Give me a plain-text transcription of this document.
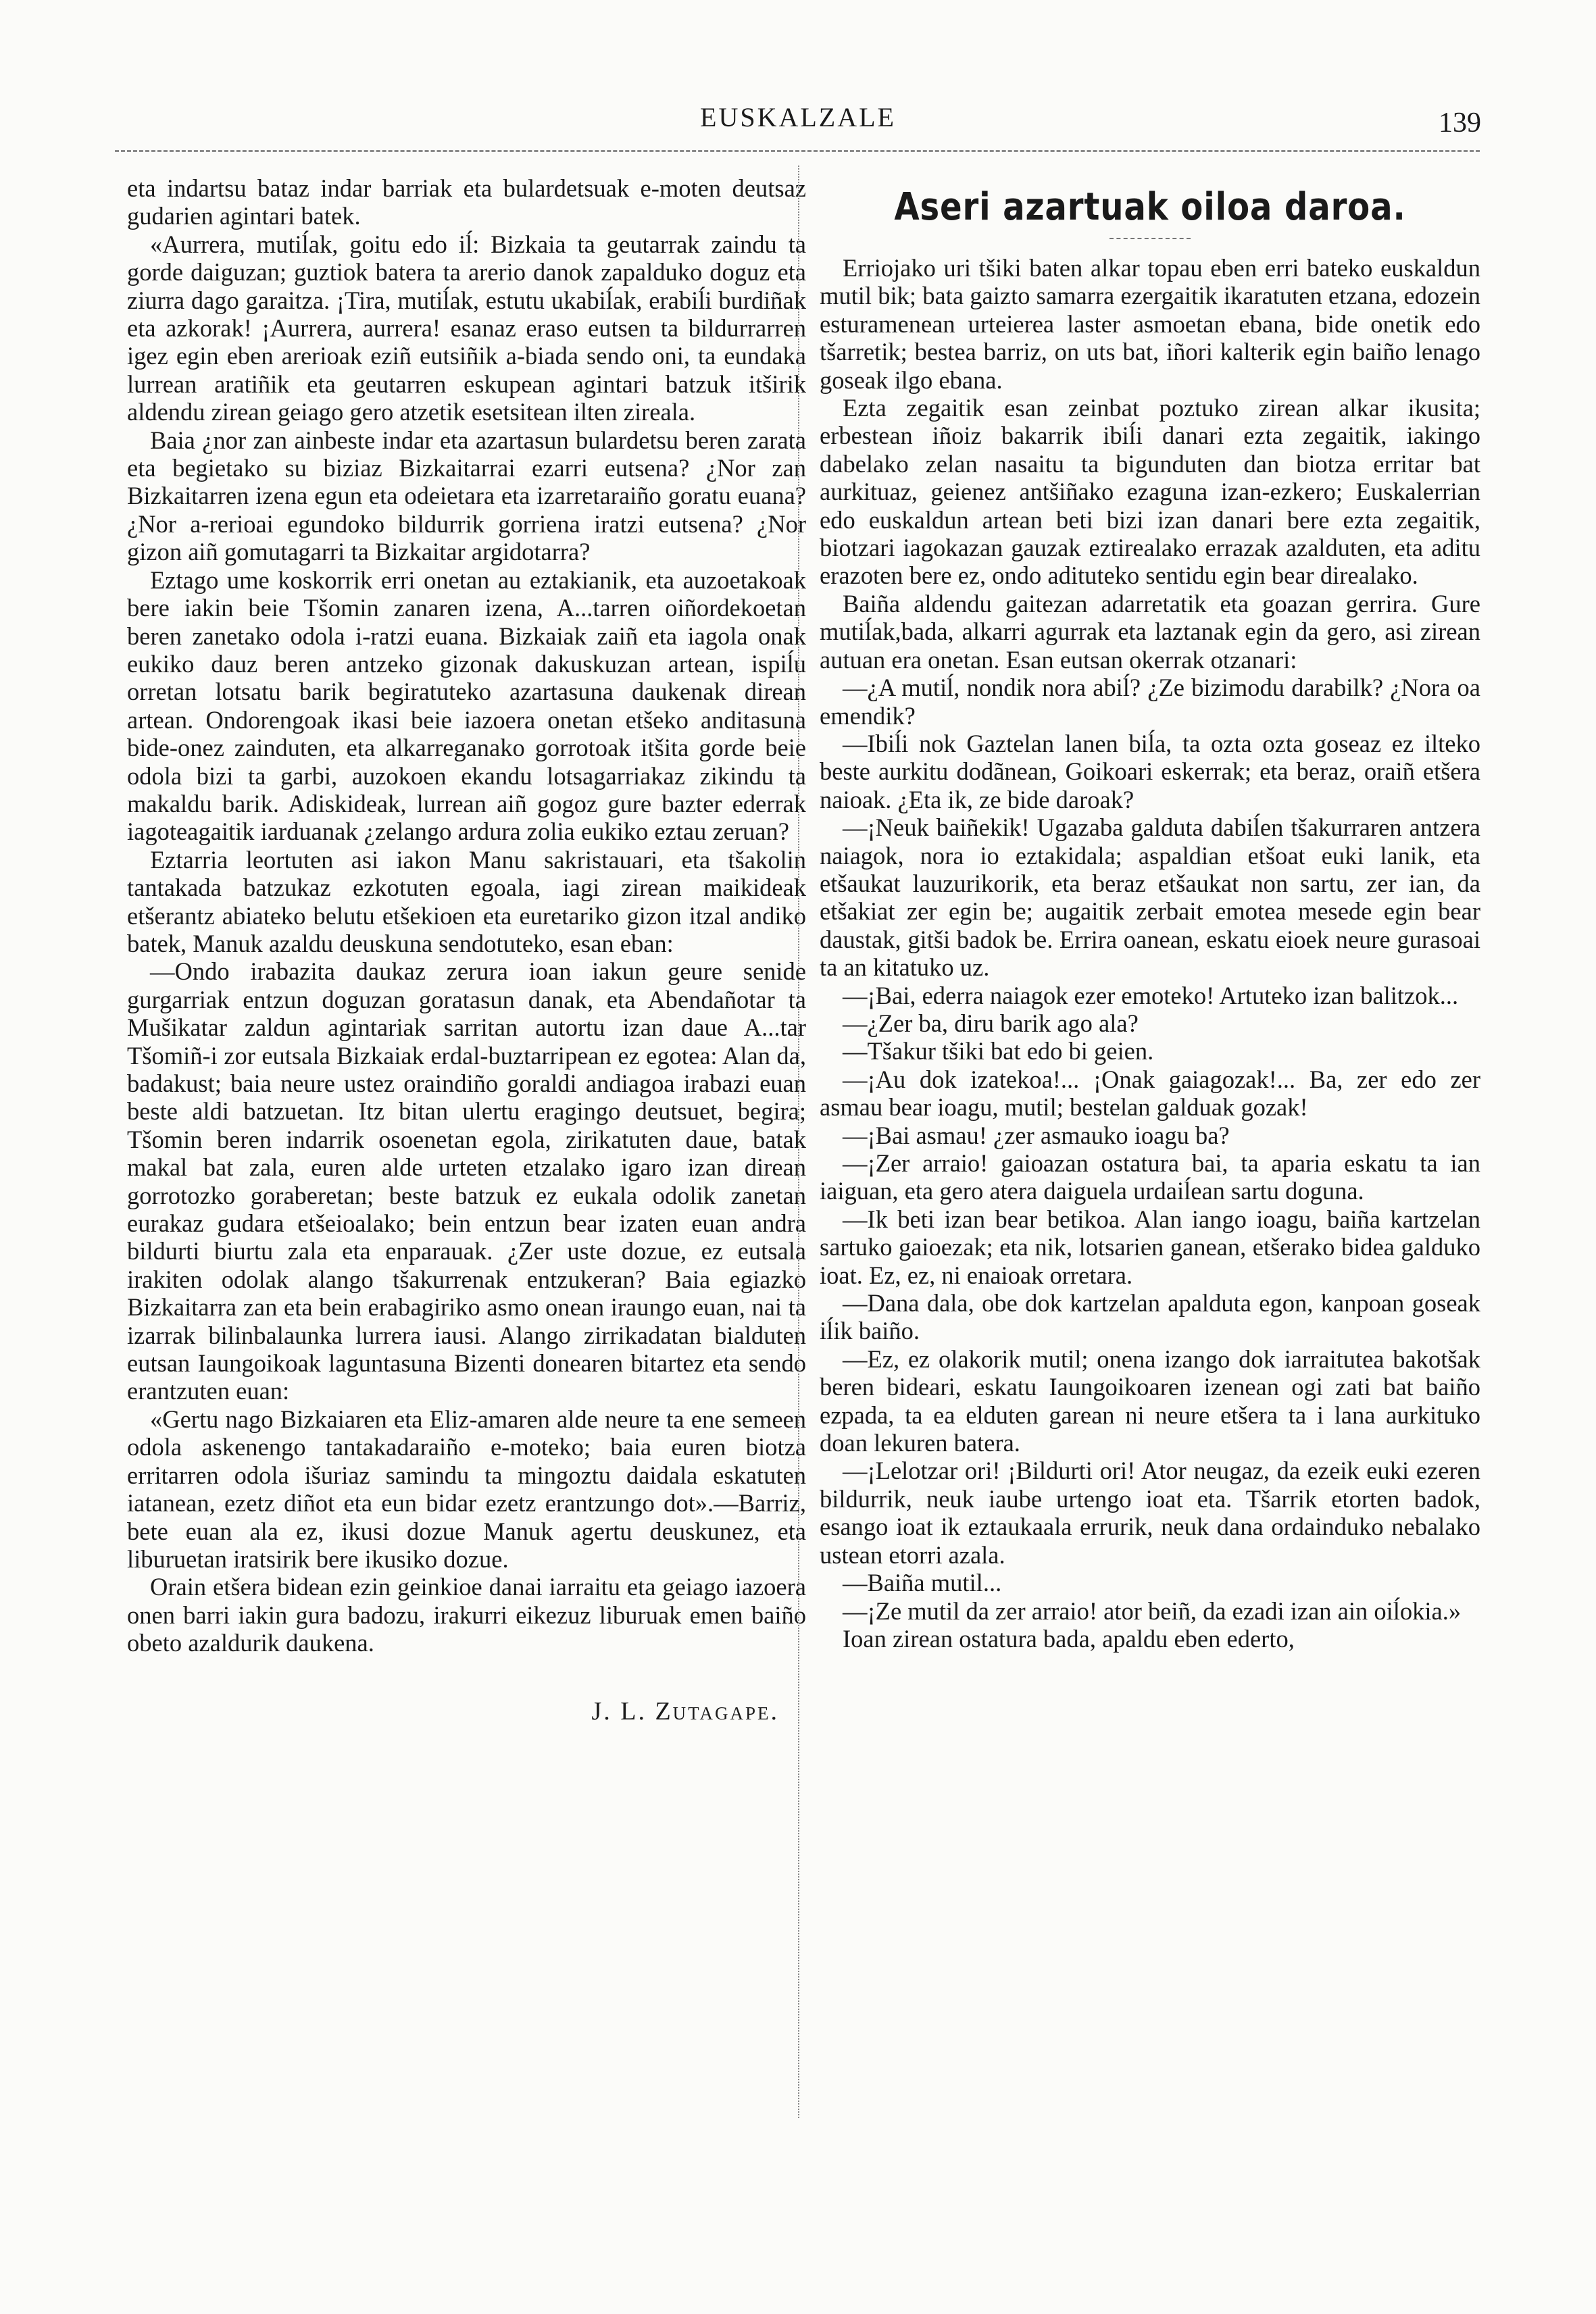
EUSKALZALE	139

eta indartsu bataz indar barriak eta bulardetsuak e-moten deutsaz gudarien agintari batek.

«Aurrera, mutiĺak, goitu edo iĺ: Bizkaia ta geutarrak zaindu ta gorde daiguzan; guztiok batera ta arerio danok zapalduko doguz eta ziurra dago garaitza. ¡Tira, mutiĺak, estutu ukabiĺak, erabiĺi burdiñak eta azkorak! ¡Aurrera, aurrera! esanaz eraso eutsen ta bildurrarren igez egin eben arerioak eziñ eutsiñik a-biada sendo oni, ta eundaka lurrean aratiñik eta geutarren eskupean agintari batzuk itširik aldendu zirean geiago gero atzetik esetsitean ilten zireala.

Baia ¿nor zan ainbeste indar eta azartasun bulardetsu beren zarata eta begietako su biziaz Bizkaitarrai ezarri eutsena? ¿Nor zan Bizkaitarren izena egun eta odeietara eta izarretaraiño goratu euana? ¿Nor a-rerioai egundoko bildurrik gorriena iratzi eutsena? ¿Nor gizon aiñ gomutagarri ta Bizkaitar argidotarra?

Eztago ume koskorrik erri onetan au eztakianik, eta auzoetakoak bere iakin beie Tšomin zanaren izena, A...tarren oiñordekoetan beren zanetako odola i-ratzi euana. Bizkaiak zaiñ eta iagola onak eukiko dauz beren antzeko gizonak dakuskuzan artean, ispiĺu orretan lotsatu barik begiratuteko azartasuna daukenak direan artean. Ondorengoak ikasi beie iazoera onetan etšeko anditasuna bide-onez zainduten, eta alkarreganako gorrotoak itšita gorde beie odola bizi ta garbi, auzokoen ekandu lotsagarriakaz zikindu ta makaldu barik. Adiskideak, lurrean aiñ gogoz gure bazter ederrak iagoteagaitik iarduanak ¿zelango ardura zolia eukiko eztau zeruan?

Eztarria leortuten asi iakon Manu sakristauari, eta tšakolin tantakada batzukaz ezkotuten egoala, iagi zirean maikideak etšerantz abiateko belutu etšekioen eta euretariko gizon itzal andiko batek, Manuk azaldu deuskuna sendotuteko, esan eban:

—Ondo irabazita daukaz zerura ioan iakun geure senide gurgarriak entzun doguzan goratasun danak, eta Abendañotar ta Mušikatar zaldun agintariak sarritan autortu izan daue A...tar Tšomiñ-i zor eutsala Bizkaiak erdal-buztarripean ez egotea: Alan da, badakust; baia neure ustez oraindiño goraldi andiagoa irabazi euan beste aldi batzuetan. Itz bitan ulertu eragingo deutsuet, begira; Tšomin beren indarrik osoenetan egola, zirikatuten daue, batak makal bat zala, euren alde urteten etzalako igaro izan direan gorrotozko goraberetan; beste batzuk ez eukala odolik zanetan eurakaz gudara etšeioalako; bein entzun bear izaten euan andra bildurti biurtu zala eta enparauak. ¿Zer uste dozue, ez eutsala irakiten odolak alango tšakurrenak entzukeran? Baia egiazko Bizkaitarra zan eta bein erabagiriko asmo onean iraungo euan, nai ta izarrak bilinbalaunka lurrera iausi. Alango zirrikadatan bialduten eutsan Iaungoikoak laguntasuna Bizenti donearen bitartez eta sendo erantzuten euan:

«Gertu nago Bizkaiaren eta Eliz-amaren alde neure ta ene semeen odola askenengo tantakadaraiño e-moteko; baia euren biotza erritarren odola išuriaz samindu ta mingoztu daidala eskatuten iatanean, ezetz diñot eta eun bidar ezetz erantzungo dot».—Barriz, bete euan ala ez, ikusi dozue Manuk agertu deuskunez, eta liburuetan iratsirik bere ikusiko dozue.

Orain etšera bidean ezin geinkioe danai iarraitu eta geiago iazoera onen barri iakin gura badozu, irakurri eikezuz liburuak emen baiño obeto azaldurik daukena.

J. L. Zutagape.
Aseri azartuak oiloa daroa.

Erriojako uri tšiki baten alkar topau eben erri bateko euskaldun mutil bik; bata gaizto samarra ezergaitik ikaratuten etzana, edozein esturamenean urteierea laster asmoetan ebana, bide onetik edo tšarretik; bestea barriz, on uts bat, iñori kalterik egin baiño lenago goseak ilgo ebana.

Ezta zegaitik esan zeinbat poztuko zirean alkar ikusita; erbestean iñoiz bakarrik ibiĺi danari ezta zegaitik, iakingo dabelako zelan nasaitu ta bigunduten dan biotza erritar bat aurkituaz, geienez antšiñako ezaguna izan-ezkero; Euskalerrian edo euskaldun artean beti bizi izan danari bere ezta zegaitik, biotzari iagokazan gauzak eztirealako errazak azalduten, eta aditu erazoten bere ez, ondo adituteko sentidu egin bear direalako.

Baiña aldendu gaitezan adarretatik eta goazan gerrira. Gure mutiĺak,bada, alkarri agurrak eta laztanak egin da gero, asi zirean autuan era onetan. Esan eutsan okerrak otzanari:

—¿A mutiĺ, nondik nora abiĺ? ¿Ze bizimodu darabilk? ¿Nora oa emendik?

—Ibiĺi nok Gaztelan lanen biĺa, ta ozta ozta goseaz ez ilteko beste aurkitu dodãnean, Goikoari eskerrak; eta beraz, oraiñ etšera naioak. ¿Eta ik, ze bide daroak?

—¡Neuk baiñekik! Ugazaba galduta dabiĺen tšakurraren antzera naiagok, nora io eztakidala; aspaldian etšoat euki lanik, eta etšaukat lauzurikorik, eta beraz etšaukat non sartu, zer ian, da etšakiat zer egin be; augaitik zerbait emotea mesede egin bear daustak, gitši badok be. Errira oanean, eskatu eioek neure gurasoai ta an kitatuko uz.

—¡Bai, ederra naiagok ezer emoteko! Artuteko izan balitzok...

—¿Zer ba, diru barik ago ala?

—Tšakur tšiki bat edo bi geien.

—¡Au dok izatekoa!... ¡Onak gaiagozak!... Ba, zer edo zer asmau bear ioagu, mutil; bestelan galduak gozak!

—¡Bai asmau! ¿zer asmauko ioagu ba?

—¡Zer arraio! gaioazan ostatura bai, ta aparia eskatu ta ian iaiguan, eta gero atera daiguela urdaiĺean sartu doguna.

—Ik beti izan bear betikoa. Alan iango ioagu, baiña kartzelan sartuko gaioezak; eta nik, lotsarien ganean, etšerako bidea galduko ioat. Ez, ez, ni enaioak orretara.

—Dana dala, obe dok kartzelan apalduta egon, kanpoan goseak iĺik baiño.

—Ez, ez olakorik mutil; onena izango dok iarraitutea bakotšak beren bideari, eskatu Iaungoikoaren izenean ogi zati bat baiño ezpada, ta ea elduten garean ni neure etšera ta i lana aurkituko doan lekuren batera.

—¡Lelotzar ori! ¡Bildurti ori! Ator neugaz, da ezeik euki ezeren bildurrik, neuk iaube urtengo ioat eta. Tšarrik etorten badok, esango ioat ik eztaukaala errurik, neuk dana ordainduko nebalako ustean etorri azala.

—Baiña mutil...

—¡Ze mutil da zer arraio! ator beiñ, da ezadi izan ain oiĺokia.»

Ioan zirean ostatura bada, apaldu eben ederto,
